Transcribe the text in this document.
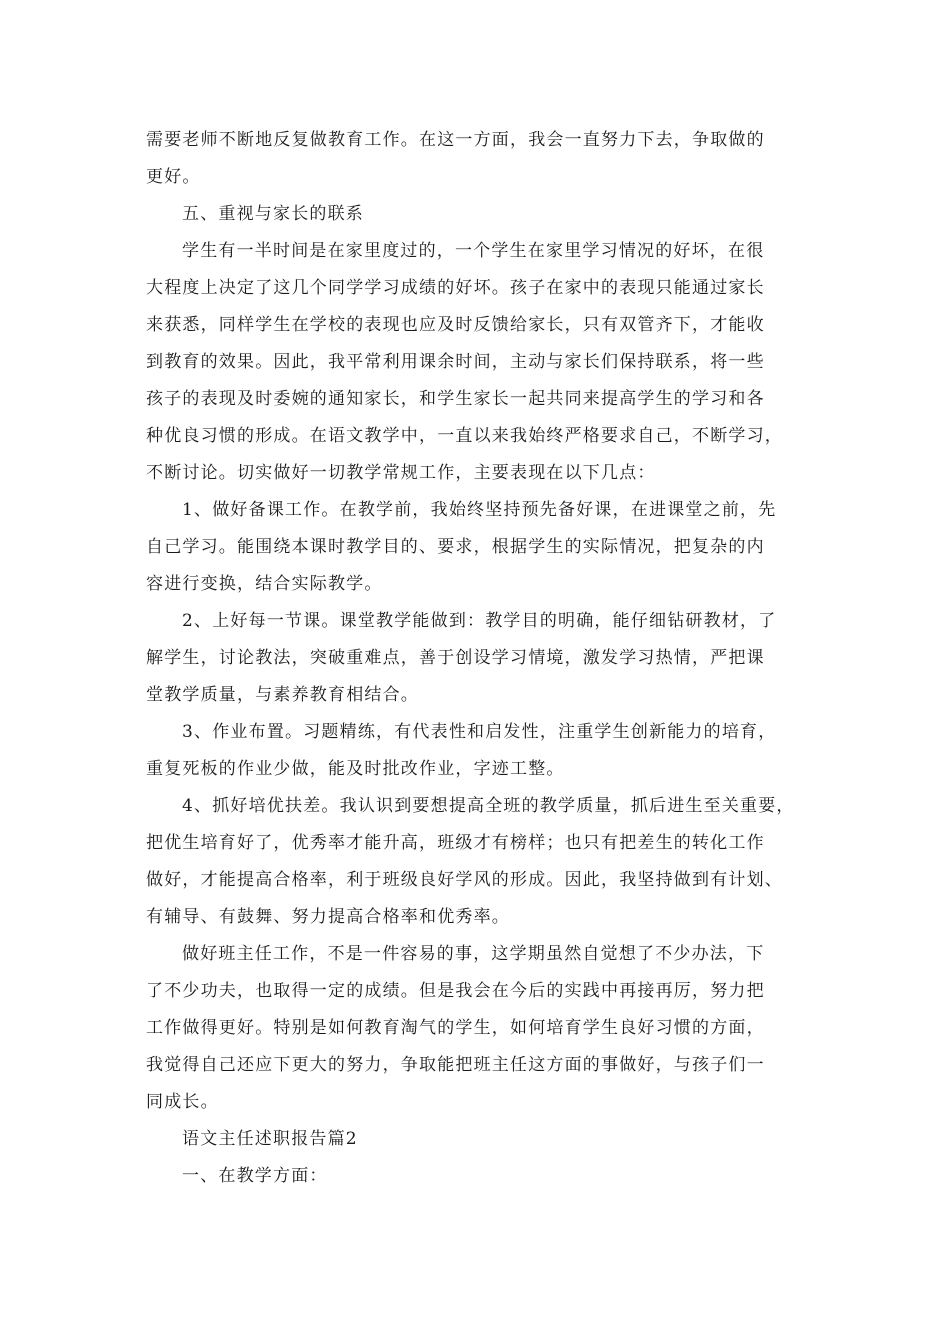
需要老师不断地反复做教育工作。在这一方面，我会一直努力下去，争取做的
更好。
五、重视与家长的联系
学生有一半时间是在家里度过的，一个学生在家里学习情况的好坏，在很
大程度上决定了这几个同学学习成绩的好坏。孩子在家中的表现只能通过家长
来获悉，同样学生在学校的表现也应及时反馈给家长，只有双管齐下，才能收
到教育的效果。因此，我平常利用课余时间，主动与家长们保持联系，将一些
孩子的表现及时委婉的通知家长，和学生家长一起共同来提高学生的学习和各
种优良习惯的形成。在语文教学中，一直以来我始终严格要求自己，不断学习，
不断讨论。切实做好一切教学常规工作，主要表现在以下几点：
1、做好备课工作。在教学前，我始终坚持预先备好课，在进课堂之前，先
自己学习。能围绕本课时教学目的、要求，根据学生的实际情况，把复杂的内
容进行变换，结合实际教学。
2、上好每一节课。课堂教学能做到：教学目的明确，能仔细钻研教材，了
解学生，讨论教法，突破重难点，善于创设学习情境，激发学习热情，严把课
堂教学质量，与素养教育相结合。
3、作业布置。习题精练，有代表性和启发性，注重学生创新能力的培育，
重复死板的作业少做，能及时批改作业，字迹工整。
4、抓好培优扶差。我认识到要想提高全班的教学质量，抓后进生至关重要，
把优生培育好了，优秀率才能升高，班级才有榜样；也只有把差生的转化工作
做好，才能提高合格率，利于班级良好学风的形成。因此，我坚持做到有计划、
有辅导、有鼓舞、努力提高合格率和优秀率。
做好班主任工作，不是一件容易的事，这学期虽然自觉想了不少办法，下
了不少功夫，也取得一定的成绩。但是我会在今后的实践中再接再厉，努力把
工作做得更好。特别是如何教育淘气的学生，如何培育学生良好习惯的方面，
我觉得自己还应下更大的努力，争取能把班主任这方面的事做好，与孩子们一
同成长。
语文主任述职报告篇2
一、在教学方面：
